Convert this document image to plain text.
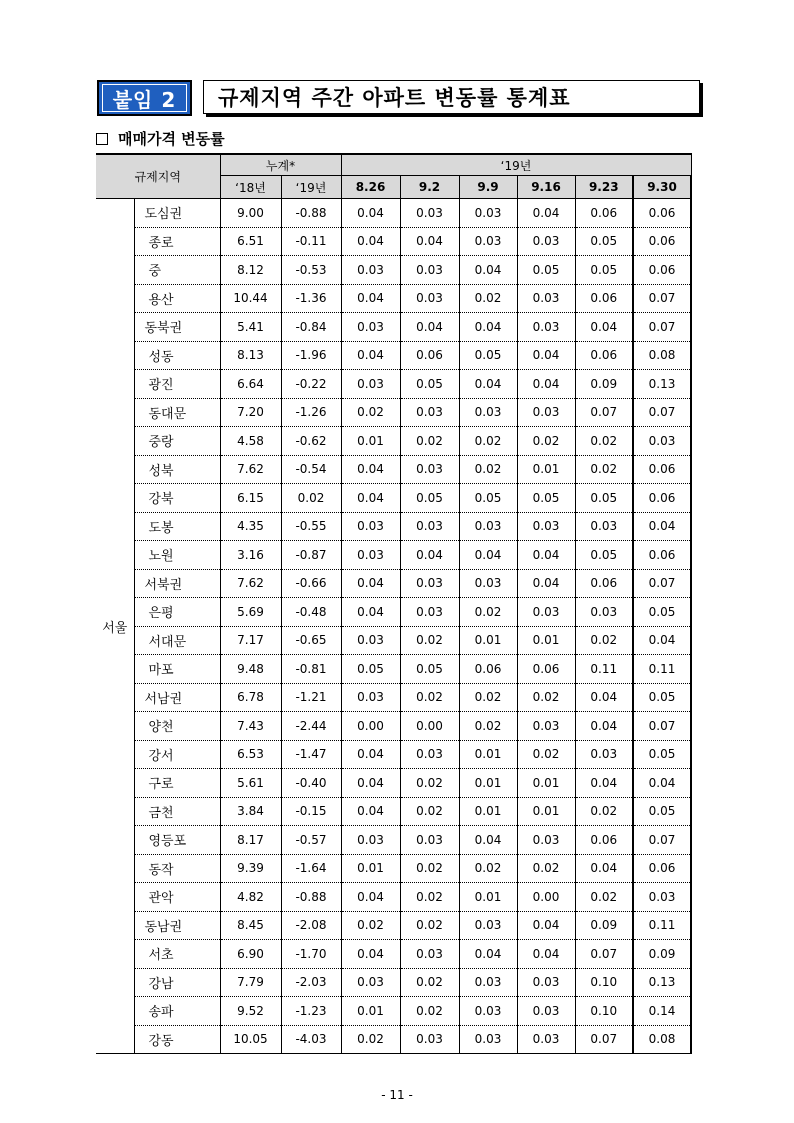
붙임 2	규제지역 주간 아파트 변동률 통계표
매매가격 변동률
규제지역		누계*		‘19년					
		‘18년	‘19년	8.26	9.2	9.9	9.16	9.23	9.30
서울	도심권	9.00	-0.88	0.04	0.03	0.03	0.04	0.06	0.06
	종로	6.51	-0.11	0.04	0.04	0.03	0.03	0.05	0.06
	중	8.12	-0.53	0.03	0.03	0.04	0.05	0.05	0.06
	용산	10.44	-1.36	0.04	0.03	0.02	0.03	0.06	0.07
	동북권	5.41	-0.84	0.03	0.04	0.04	0.03	0.04	0.07
	성동	8.13	-1.96	0.04	0.06	0.05	0.04	0.06	0.08
	광진	6.64	-0.22	0.03	0.05	0.04	0.04	0.09	0.13
	동대문	7.20	-1.26	0.02	0.03	0.03	0.03	0.07	0.07
	중랑	4.58	-0.62	0.01	0.02	0.02	0.02	0.02	0.03
	성북	7.62	-0.54	0.04	0.03	0.02	0.01	0.02	0.06
	강북	6.15	0.02	0.04	0.05	0.05	0.05	0.05	0.06
	도봉	4.35	-0.55	0.03	0.03	0.03	0.03	0.03	0.04
	노원	3.16	-0.87	0.03	0.04	0.04	0.04	0.05	0.06
	서북권	7.62	-0.66	0.04	0.03	0.03	0.04	0.06	0.07
	은평	5.69	-0.48	0.04	0.03	0.02	0.03	0.03	0.05
	서대문	7.17	-0.65	0.03	0.02	0.01	0.01	0.02	0.04
	마포	9.48	-0.81	0.05	0.05	0.06	0.06	0.11	0.11
	서남권	6.78	-1.21	0.03	0.02	0.02	0.02	0.04	0.05
	양천	7.43	-2.44	0.00	0.00	0.02	0.03	0.04	0.07
	강서	6.53	-1.47	0.04	0.03	0.01	0.02	0.03	0.05
	구로	5.61	-0.40	0.04	0.02	0.01	0.01	0.04	0.04
	금천	3.84	-0.15	0.04	0.02	0.01	0.01	0.02	0.05
	영등포	8.17	-0.57	0.03	0.03	0.04	0.03	0.06	0.07
	동작	9.39	-1.64	0.01	0.02	0.02	0.02	0.04	0.06
	관악	4.82	-0.88	0.04	0.02	0.01	0.00	0.02	0.03
	동남권	8.45	-2.08	0.02	0.02	0.03	0.04	0.09	0.11
	서초	6.90	-1.70	0.04	0.03	0.04	0.04	0.07	0.09
	강남	7.79	-2.03	0.03	0.02	0.03	0.03	0.10	0.13
	송파	9.52	-1.23	0.01	0.02	0.03	0.03	0.10	0.14
	강동	10.05	-4.03	0.02	0.03	0.03	0.03	0.07	0.08
- 11 -
